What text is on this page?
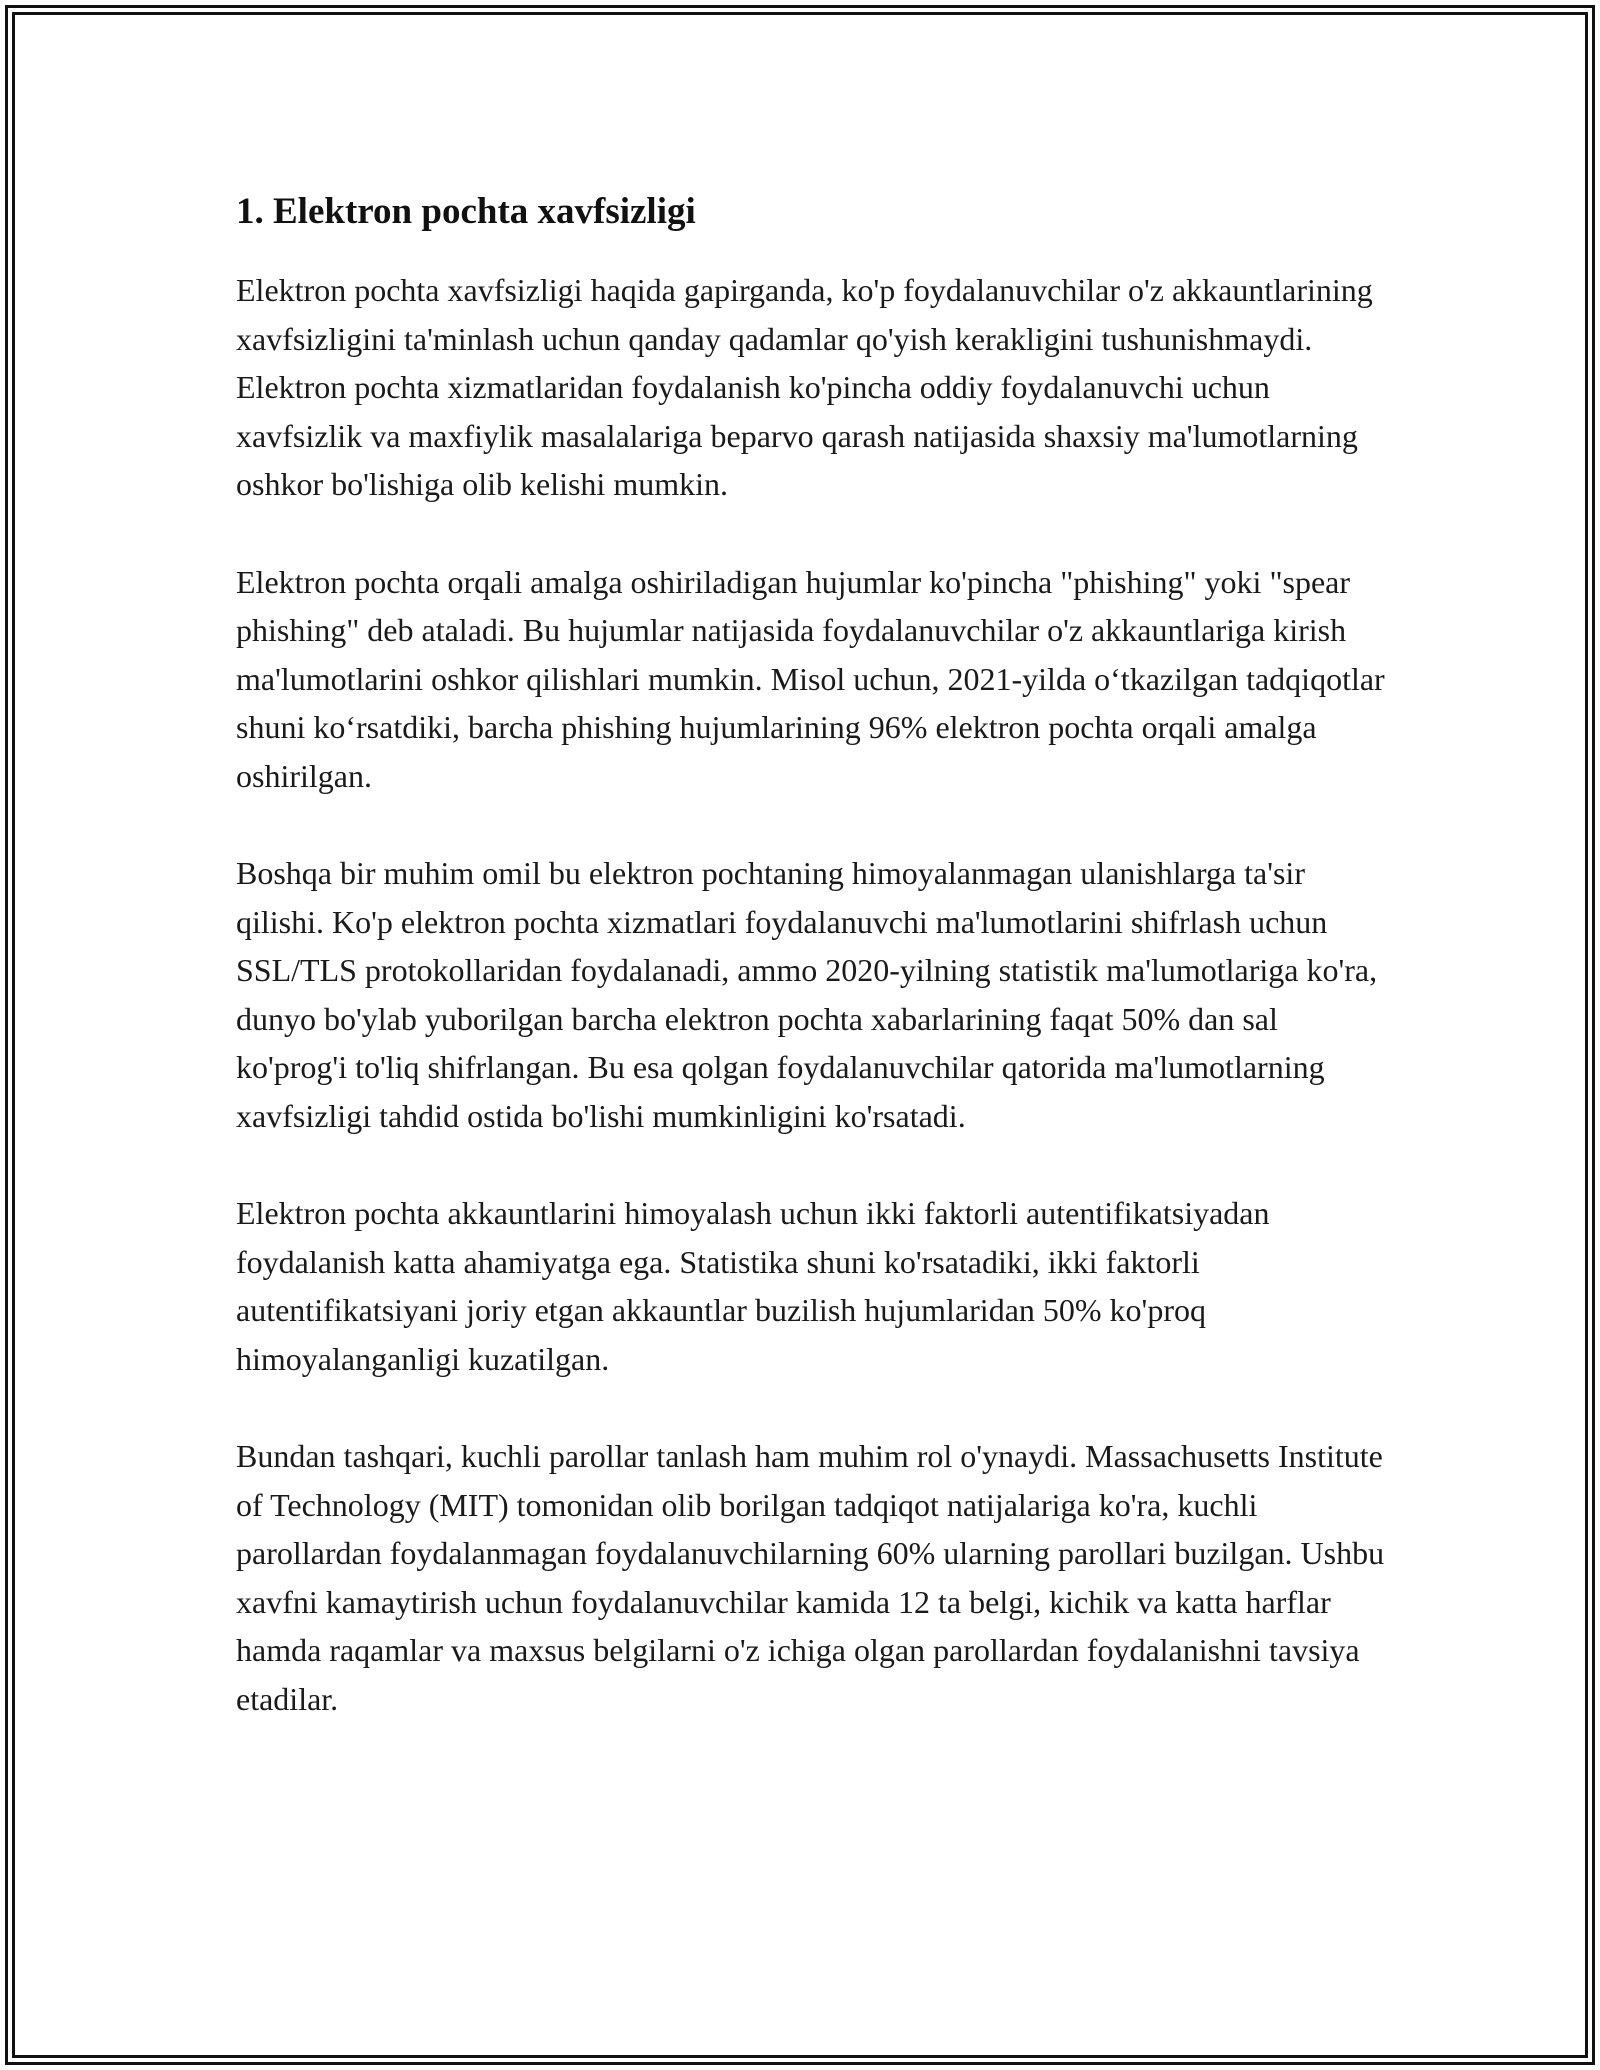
1. Elektron pochta xavfsizligi

Elektron pochta xavfsizligi haqida gapirganda, ko'p foydalanuvchilar o'z akkauntlarining xavfsizligini ta'minlash uchun qanday qadamlar qo'yish kerakligini tushunishmaydi. Elektron pochta xizmatlaridan foydalanish ko'pincha oddiy foydalanuvchi uchun xavfsizlik va maxfiylik masalalariga beparvo qarash natijasida shaxsiy ma'lumotlarning oshkor bo'lishiga olib kelishi mumkin.

Elektron pochta orqali amalga oshiriladigan hujumlar ko'pincha "phishing" yoki "spear phishing" deb ataladi. Bu hujumlar natijasida foydalanuvchilar o'z akkauntlariga kirish ma'lumotlarini oshkor qilishlari mumkin. Misol uchun, 2021-yilda oʻtkazilgan tadqiqotlar shuni koʻrsatdiki, barcha phishing hujumlarining 96% elektron pochta orqali amalga oshirilgan.

Boshqa bir muhim omil bu elektron pochtaning himoyalanmagan ulanishlarga ta'sir qilishi. Ko'p elektron pochta xizmatlari foydalanuvchi ma'lumotlarini shifrlash uchun SSL/TLS protokollaridan foydalanadi, ammo 2020-yilning statistik ma'lumotlariga ko'ra, dunyo bo'ylab yuborilgan barcha elektron pochta xabarlarining faqat 50% dan sal ko'prog'i to'liq shifrlangan. Bu esa qolgan foydalanuvchilar qatorida ma'lumotlarning xavfsizligi tahdid ostida bo'lishi mumkinligini ko'rsatadi.

Elektron pochta akkauntlarini himoyalash uchun ikki faktorli autentifikatsiyadan foydalanish katta ahamiyatga ega. Statistika shuni ko'rsatadiki, ikki faktorli autentifikatsiyani joriy etgan akkauntlar buzilish hujumlaridan 50% ko'proq himoyalanganligi kuzatilgan.

Bundan tashqari, kuchli parollar tanlash ham muhim rol o'ynaydi. Massachusetts Institute of Technology (MIT) tomonidan olib borilgan tadqiqot natijalariga ko'ra, kuchli parollardan foydalanmagan foydalanuvchilarning 60% ularning parollari buzilgan. Ushbu xavfni kamaytirish uchun foydalanuvchilar kamida 12 ta belgi, kichik va katta harflar hamda raqamlar va maxsus belgilarni o'z ichiga olgan parollardan foydalanishni tavsiya etadilar.
